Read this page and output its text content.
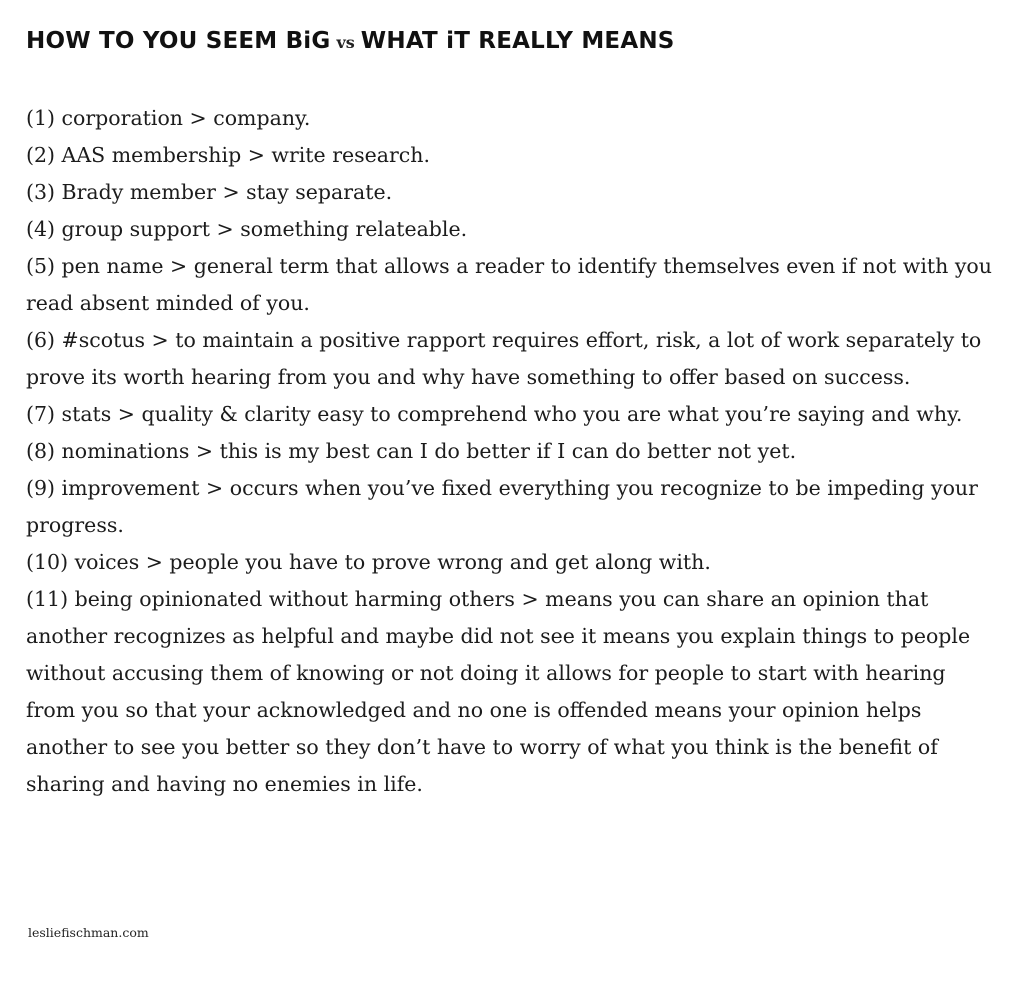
HOW TO YOU SEEM BiG vs WHAT iT REALLY MEANS
(1) corporation > company.
(2) AAS membership > write research.
(3) Brady member > stay separate.
(4) group support > something relateable.
(5) pen name > general term that allows a reader to identify themselves even if not with you read absent minded of you.
(6) #scotus > to maintain a positive rapport requires effort, risk, a lot of work separately to prove its worth hearing from you and why have something to offer based on success.
(7) stats > quality & clarity easy to comprehend who you are what you’re saying and why.
(8) nominations > this is my best can I do better if I can do better not yet.
(9) improvement > occurs when you’ve fixed everything you recognize to be impeding your progress.
(10) voices > people you have to prove wrong and get along with.
(11) being opinionated without harming others > means you can share an opinion that another recognizes as helpful and maybe did not see it means you explain things to people without accusing them of knowing or not doing it allows for people to start with hearing from you so that your acknowledged and no one is offended means your opinion helps another to see you better so they don’t have to worry of what you think is the benefit of sharing and having no enemies in life.
lesliefischman.com
